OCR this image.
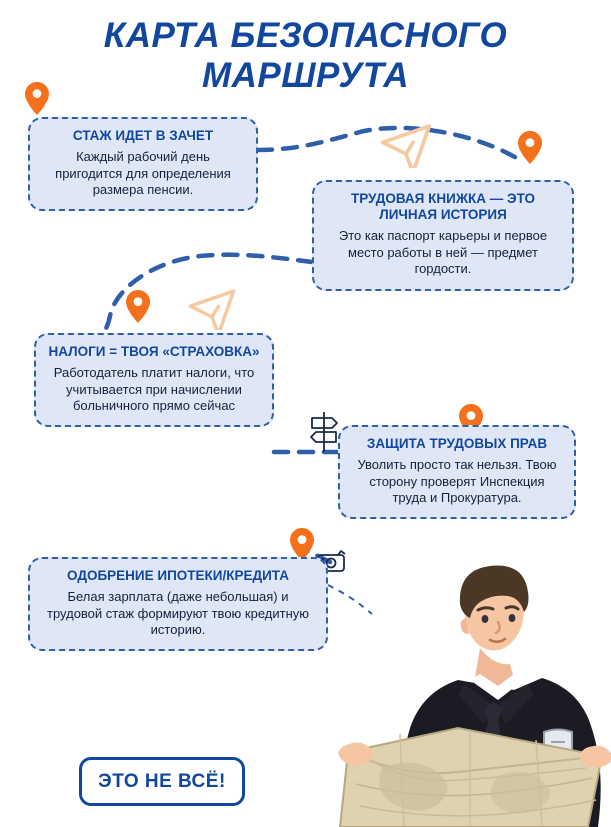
КАРТА БЕЗОПАСНОГО МАРШРУТА
СТАЖ ИДЕТ В ЗАЧЕТ

Каждый рабочий день пригодится для определения размера пенсии.

ТРУДОВАЯ КНИЖКА — ЭТО ЛИЧНАЯ ИСТОРИЯ

Это как паспорт карьеры и первое место работы в ней — предмет гордости.

НАЛОГИ = ТВОЯ «СТРАХОВКА»

Работодатель платит налоги, что учитывается при начислении больничного прямо сейчас

ЗАЩИТА ТРУДОВЫХ ПРАВ

Уволить просто так нельзя. Твою сторону проверят Инспекция труда и Прокуратура.

ОДОБРЕНИЕ ИПОТЕКИ/КРЕДИТА

Белая зарплата (даже небольшая) и трудовой стаж формируют твою кредитную историю.

ЭТО НЕ ВСЁ!
